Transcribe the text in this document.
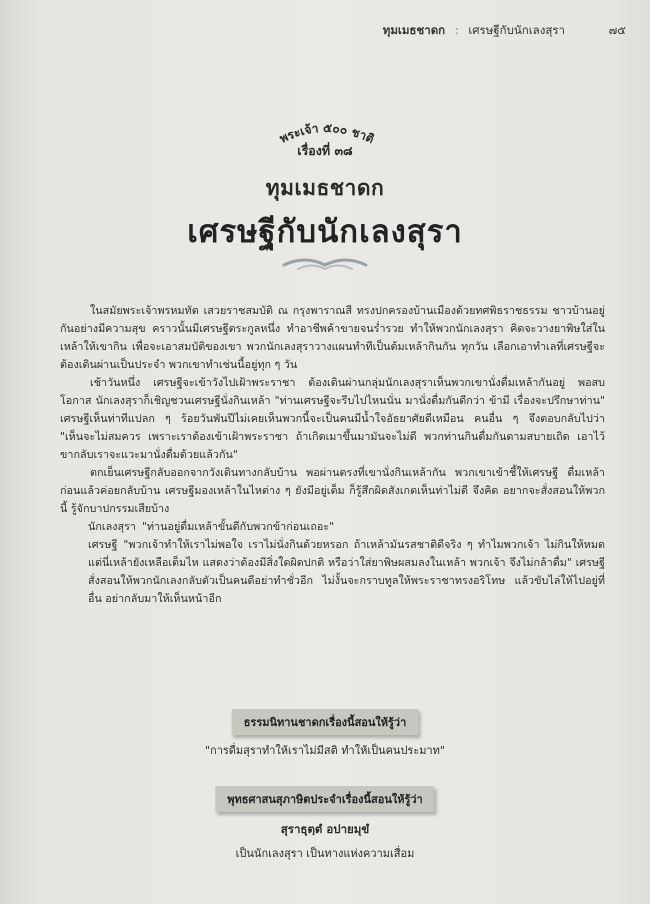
ทุมเมธชาดก : เศรษฐีกับนักเลงสุรา	๗๕
พระเจ้า ๕๐๐ ชาติ
เรื่องที่ ๓๘
ทุมเมธชาดก
เศรษฐีกับนักเลงสุรา

ในสมัยพระเจ้าพรหมทัต เสวยราชสมบัติ ณ กรุงพาราณสี ทรงปกครองบ้านเมืองด้วยทศพิธราชธรรม ชาวบ้านอยู่กันอย่างมีความสุข คราวนั้นมีเศรษฐีตระกูลหนึ่ง ทำอาชีพค้าขายจนร่ำรวย ทำให้พวกนักเลงสุรา คิดจะวางยาพิษใส่ในเหล้าให้เขากิน เพื่อจะเอาสมบัติของเขา พวกนักเลงสุราวางแผนทำทีเป็นต้มเหล้ากินกัน ทุกวัน เลือกเอาทำเลที่เศรษฐีจะต้องเดินผ่านเป็นประจำ พวกเขาทำเช่นนี้อยู่ทุก ๆ วัน

เช้าวันหนึ่ง เศรษฐีจะเข้าวังไปเฝ้าพระราชา ต้องเดินผ่านกลุ่มนักเลงสุราเห็นพวกเขานั่งดื่มเหล้ากันอยู่ พอสบโอกาส นักเลงสุราก็เชิญชวนเศรษฐีนั่งกินเหล้า "ท่านเศรษฐีจะรีบไปไหนนั่น มานั่งดื่มกันดีกว่า ข้ามี เรื่องจะปรึกษาท่าน" เศรษฐีเห็นท่าทีแปลก ๆ ร้อยวันพันปีไม่เคยเห็นพวกนี้จะเป็นคนมีน้ำใจอัธยาศัยดีเหมือน คนอื่น ๆ จึงตอบกลับไปว่า "เห็นจะไม่สมควร เพราะเราต้องเข้าเฝ้าพระราชา ถ้าเกิดเมาขึ้นมามันจะไม่ดี พวกท่านกินดื่มกันตามสบายเถิด เอาไว้ขากลับเราจะแวะมานั่งดื่มด้วยแล้วกัน"

ตกเย็นเศรษฐีกลับออกจากวังเดินทางกลับบ้าน พอผ่านตรงที่เขานั่งกินเหล้ากัน พวกเขาเข้าชี้ให้เศรษฐี ดื่มเหล้าก่อนแล้วค่อยกลับบ้าน เศรษฐีมองเหล้าในไหต่าง ๆ ยังมีอยู่เต็ม ก็รู้สึกผิดสังเกตเห็นท่าไม่ดี จึงคิด อยากจะสั่งสอนให้พวกนี้ รู้จักบาปกรรมเสียบ้าง

นักเลงสุรา "ท่านอยู่ดื่มเหล้าขั้นดีกับพวกข้าก่อนเถอะ"

เศรษฐี "พวกเจ้าทำให้เราไม่พอใจ เราไม่นั่งกินด้วยหรอก ถ้าเหล้ามันรสชาติดีจริง ๆ ทำไมพวกเจ้า ไม่กินให้หมด แต่นี่เหล้ายังเหลือเต็มไห แสดงว่าต้องมีสิ่งใดผิดปกติ หรือว่าใส่ยาพิษผสมลงในเหล้า พวกเจ้า จึงไม่กล้าดื่ม" เศรษฐีสั่งสอนให้พวกนักเลงกลับตัวเป็นคนดีอย่าทำชั่วอีก ไม่งั้นจะกราบทูลให้พระราชาทรงอริโทษ แล้วขับไล่ให้ไปอยู่ที่อื่น อย่ากลับมาให้เห็นหน้าอีก

ธรรมนิทานชาดกเรื่องนี้สอนให้รู้ว่า
"การดื่มสุราทำให้เราไม่มีสติ ทำให้เป็นคนประมาท"
พุทธศาสนสุภาษิตประจำเรื่องนี้สอนให้รู้ว่า
สุราธุตฺตํ อปายมุขํ
เป็นนักเลงสุรา เป็นทางแห่งความเสื่อม
